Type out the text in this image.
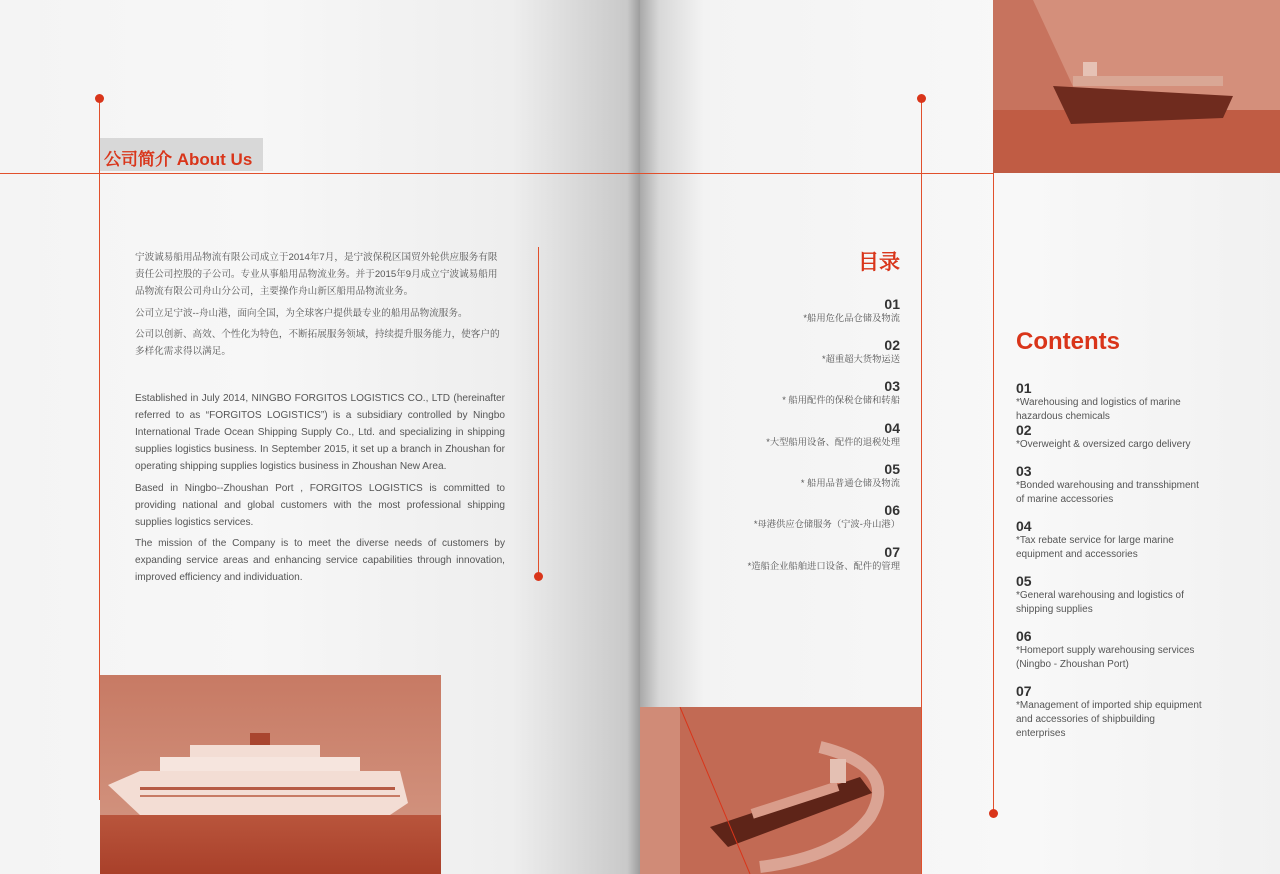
公司简介 About Us

宁波诚易船用品物流有限公司成立于2014年7月，是宁波保税区国贸外轮供应服务有限责任公司控股的子公司。专业从事船用品物流业务。并于2015年9月成立宁波诚易船用品物流有限公司舟山分公司，主要操作舟山新区船用品物流业务。

公司立足宁波--舟山港，面向全国，为全球客户提供最专业的船用品物流服务。

公司以创新、高效、个性化为特色，不断拓展服务领域，持续提升服务能力，使客户的多样化需求得以满足。

Established in July 2014, NINGBO FORGITOS LOGISTICS CO., LTD (hereinafter referred to as “FORGITOS LOGISTICS”) is a subsidiary controlled by Ningbo International Trade Ocean Shipping Supply Co., Ltd. and specializing in shipping supplies logistics business. In September 2015, it set up a branch in Zhoushan for operating shipping supplies logistics business in Zhoushan New Area.

Based in Ningbo--Zhoushan Port , FORGITOS LOGISTICS is committed to providing national and global customers with the most professional shipping supplies logistics services.

The mission of the Company is to meet the diverse needs of customers by expanding service areas and enhancing service capabilities through innovation, improved efficiency and individuation.

目录
01
*船用危化品仓储及物流
02
*超重超大货物运送
03
* 船用配件的保税仓储和转船
04
*大型船用设备、配件的退税处理
05
* 船用品普通仓储及物流
06
*母港供应仓储服务（宁波-舟山港）
07
*造船企业船舶进口设备、配件的管理
Contents
01
*Warehousing and logistics of marine hazardous chemicals
02
*Overweight & oversized cargo delivery
03
*Bonded warehousing and transshipment of marine accessories
04
*Tax rebate service for large marine equipment and accessories
05
*General warehousing and logistics of shipping supplies
06
*Homeport supply warehousing services (Ningbo - Zhoushan Port)
07
*Management of imported ship equipment and accessories of shipbuilding enterprises
